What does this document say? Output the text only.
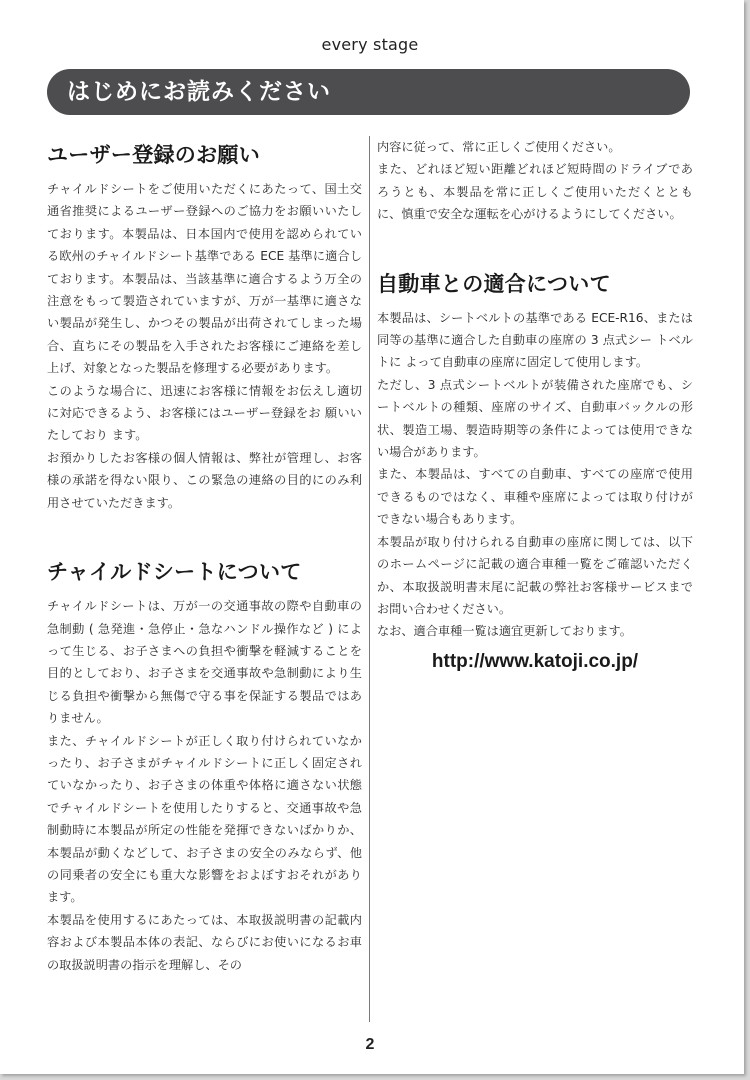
every stage
はじめにお読みください
ユーザー登録のお願い

チャイルドシートをご使用いただくにあたって、国土交通省推奨によるユーザー登録へのご協力をお願いいたしております。本製品は、日本国内で使用を認められている欧州のチャイルドシート基準である ECE 基準に適合しております。本製品は、当該基準に適合するよう万全の注意をもって製造されていますが、万が一基準に適さない製品が発生し、かつその製品が出荷されてしまった場合、直ちにその製品を入手されたお客様にご連絡を差し上げ、対象となった製品を修理する必要があります。

このような場合に、迅速にお客様に情報をお伝えし適切に対応できるよう、お客様にはユーザー登録をお 願いいたしており ます。

お預かりしたお客様の個人情報は、弊社が管理し、お客様の承諾を得ない限り、この緊急の連絡の目的にのみ利用させていただきます。

チャイルドシートについて

チャイルドシートは、万が一の交通事故の際や自動車の急制動 ( 急発進・急停止・急なハンドル操作など ) によって生じる、お子さまへの負担や衝撃を軽減することを目的としており、お子さまを交通事故や急制動により生じる負担や衝撃から無傷で守る事を保証する製品ではありません。

また、チャイルドシートが正しく取り付けられていなかったり、お子さまがチャイルドシートに正しく固定されていなかったり、お子さまの体重や体格に適さない状態でチャイルドシートを使用したりすると、交通事故や急制動時に本製品が所定の性能を発揮できないばかりか、本製品が動くなどして、お子さまの安全のみならず、他の同乗者の安全にも重大な影響をおよぼすおそれがあります。

本製品を使用するにあたっては、本取扱説明書の記載内容および本製品本体の表記、ならびにお使いになるお車の取扱説明書の指示を理解し、その

内容に従って、常に正しくご使用ください。

また、どれほど短い距離どれほど短時間のドライブであろうとも、本製品を常に正しくご使用いただくとともに、慎重で安全な運転を心がけるようにしてください。

自動車との適合について

本製品は、シートベルトの基準である ECE-R16、または同等の基準に適合した自動車の座席の 3 点式シー トベルトに よって自動車の座席に固定して使用します。

ただし、3 点式シートベルトが装備された座席でも、シートベルトの種類、座席のサイズ、自動車バックルの形状、製造工場、製造時期等の条件によっては使用できない場合があります。

また、本製品は、すべての自動車、すべての座席で使用できるものではなく、車種や座席によっては取り付けができない場合もあります。

本製品が取り付けられる自動車の座席に関しては、以下のホームページに記載の適合車種一覧をご確認いただくか、本取扱説明書末尾に記載の弊社お客様サービスまでお問い合わせください。

なお、適合車種一覧は適宜更新しております。

http://www.katoji.co.jp/
2
